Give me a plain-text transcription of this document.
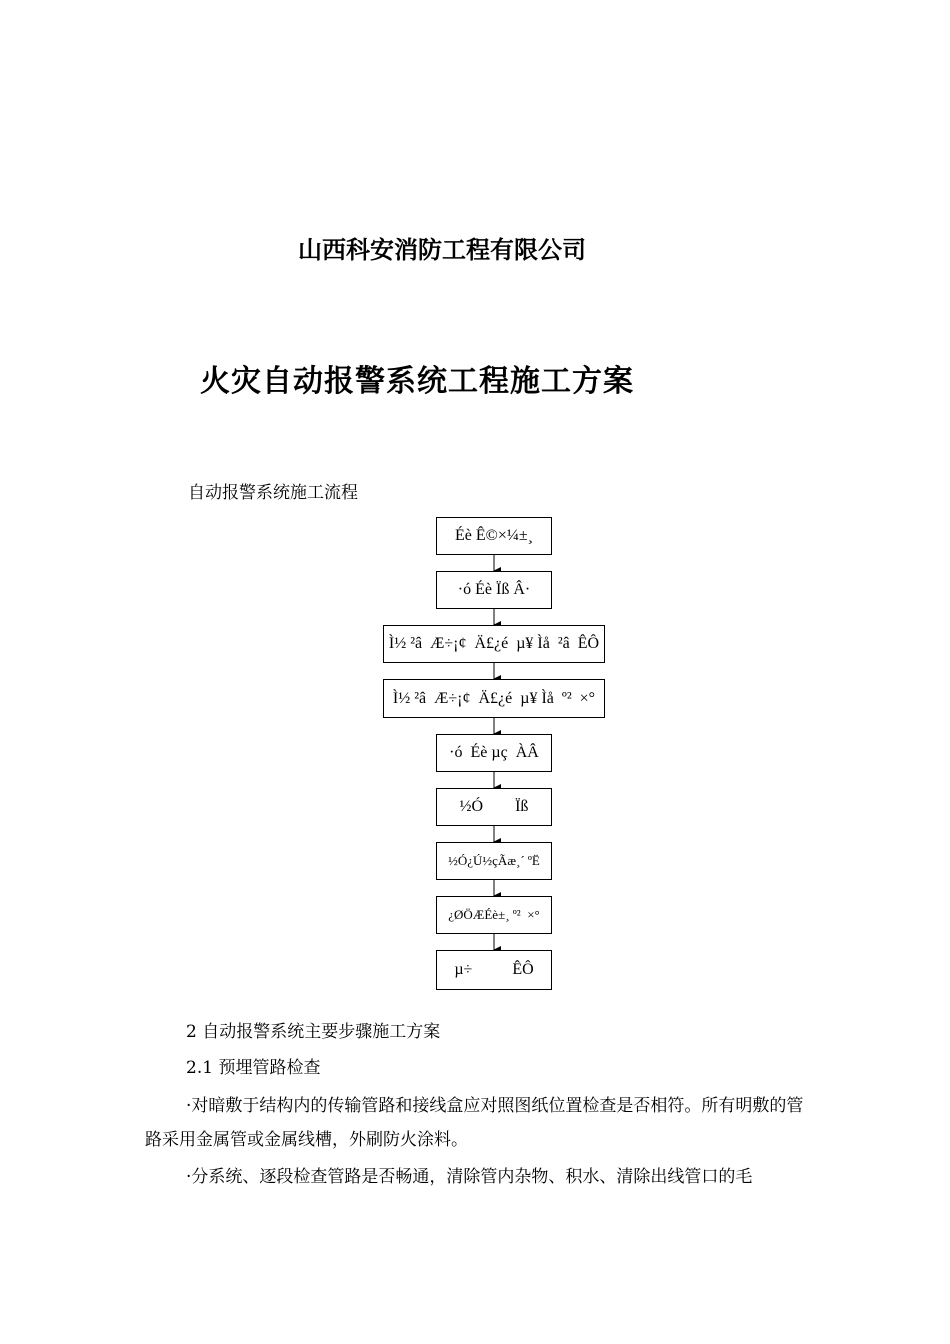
山西科安消防工程有限公司
火灾自动报警系统工程施工方案
自动报警系统施工流程
Éè Ê©×¼±¸
·ó Éè Ïß Â·
Ì½ ²â  Æ÷¡¢  Ä£¿é  µ¥ Ìå  ²â  ÊÔ
Ì½ ²â  Æ÷¡¢  Ä£¿é  µ¥ Ìå  º²  ×°
·ó  Éè µç  ÀÂ
½Ó        Ïß
½Ó¿Ú½çÃæ¸´ ºË
¿ØÖÆÉè±¸ º²  ×°
µ÷          ÊÔ
2 自动报警系统主要步骤施工方案
2.1 预埋管路检查
·对暗敷于结构内的传输管路和接线盒应对照图纸位置检查是否相符。所有明敷的管路采用金属管或金属线槽，外刷防火涂料。
·分系统、逐段检查管路是否畅通，清除管内杂物、积水、清除出线管口的毛
